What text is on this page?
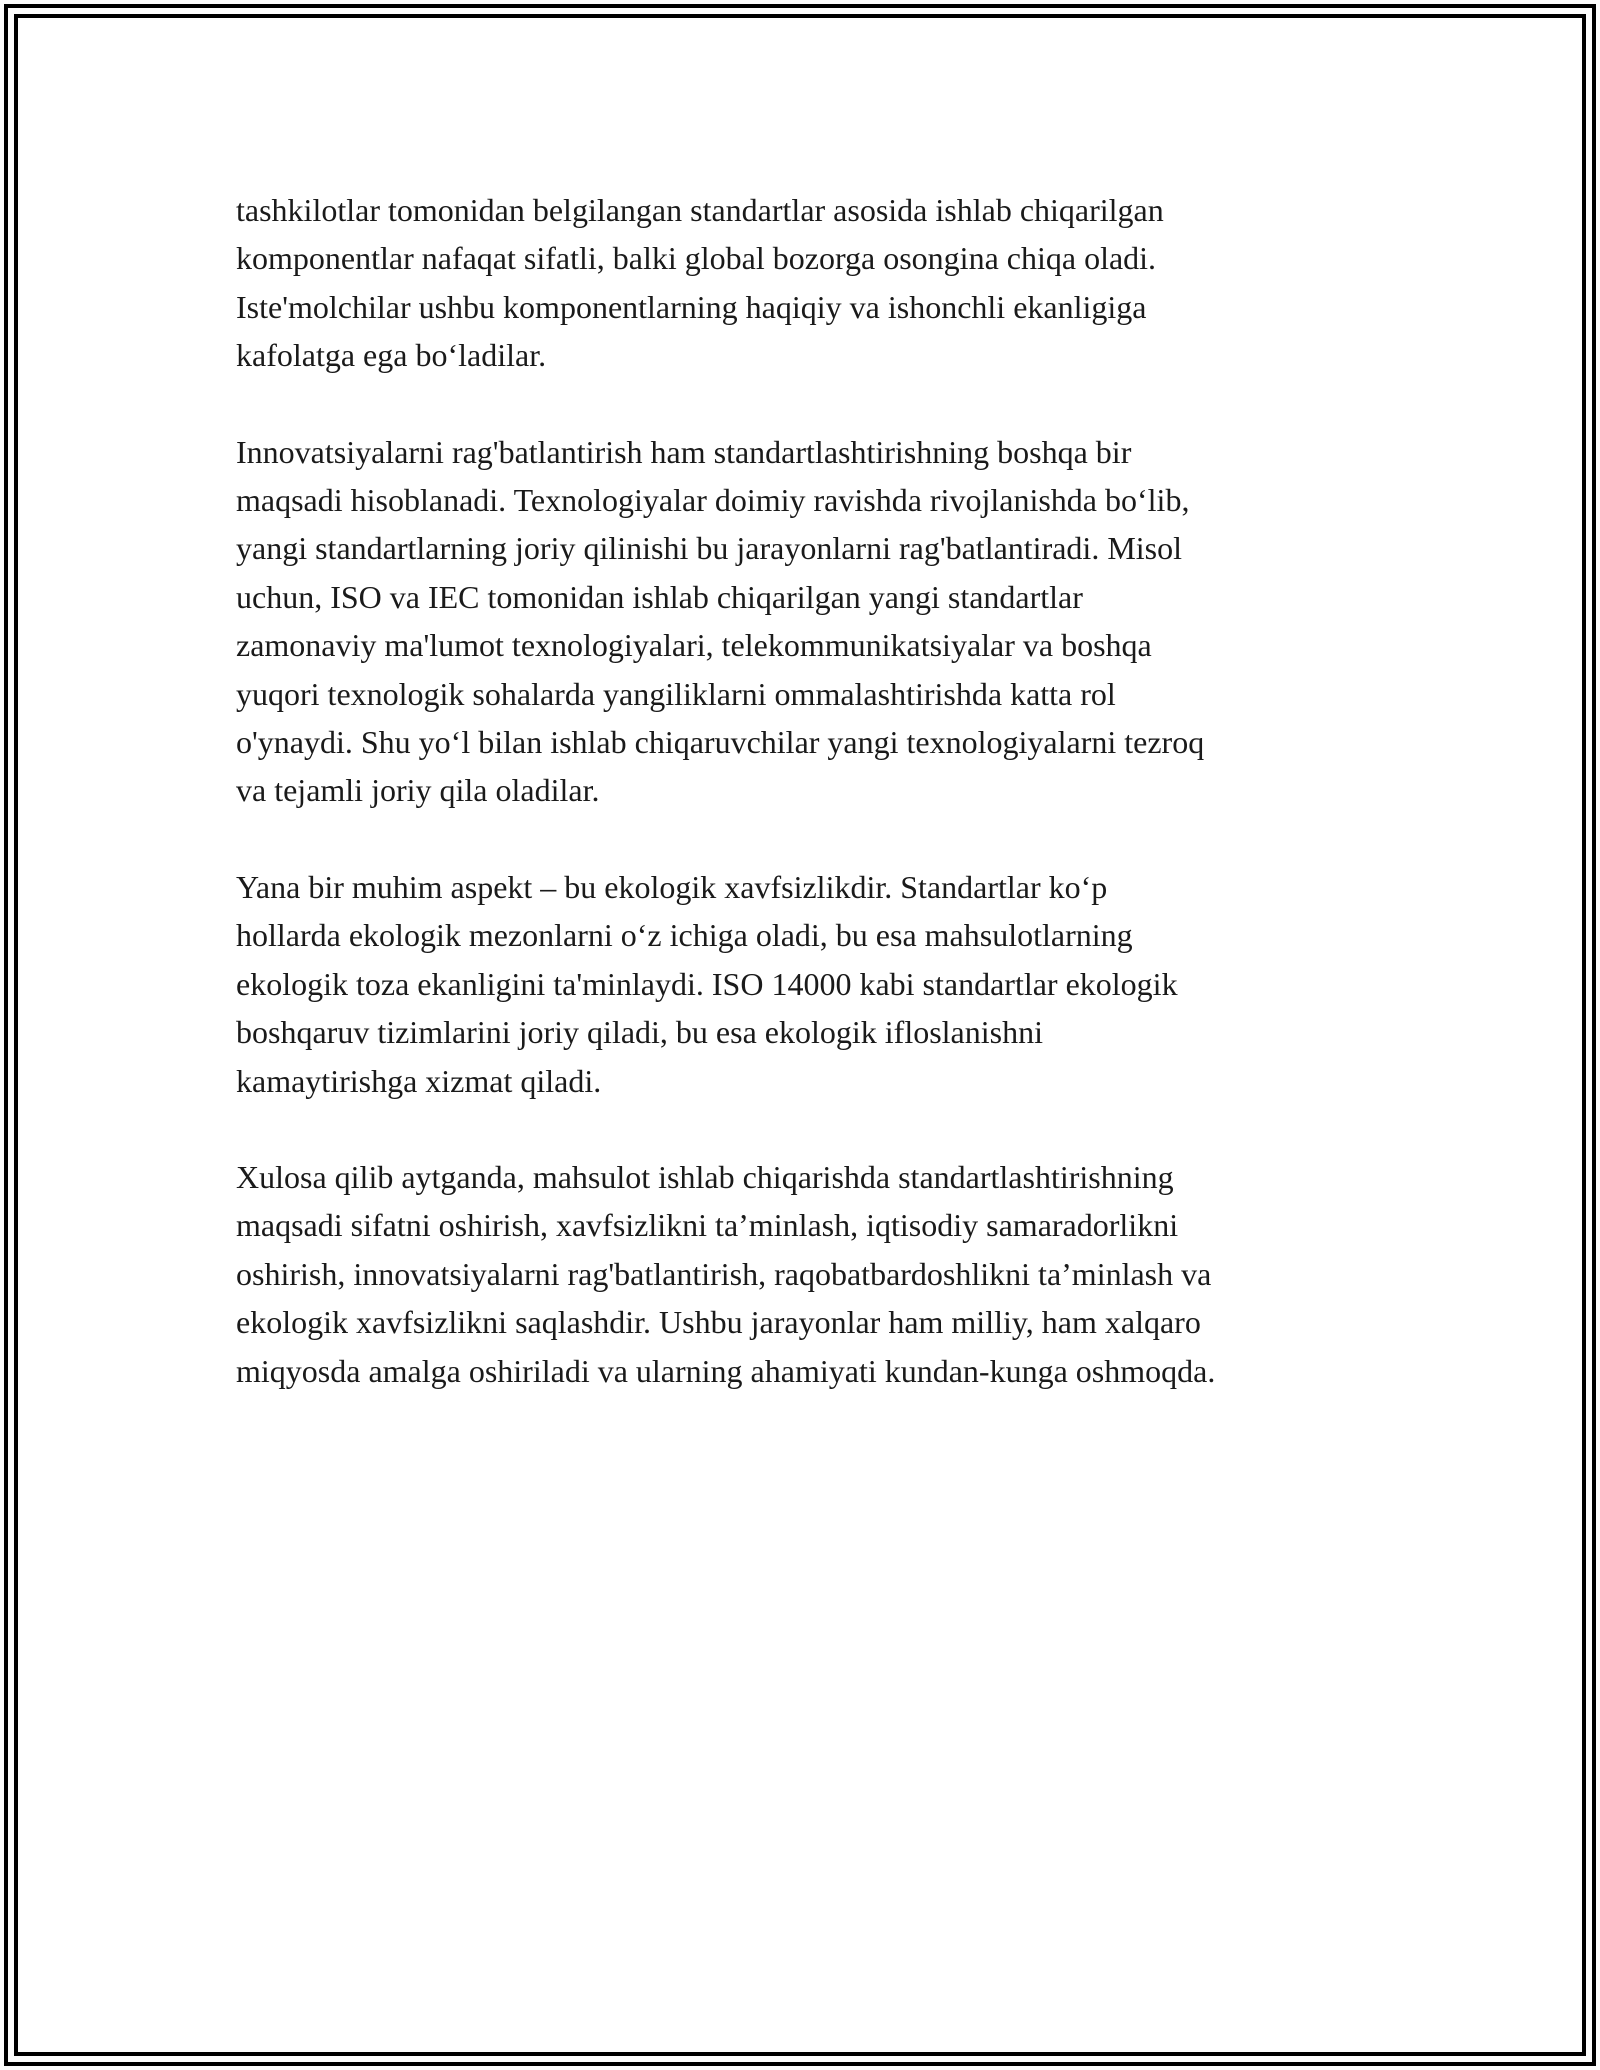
tashkilotlar tomonidan belgilangan standartlar asosida ishlab chiqarilgan
komponentlar nafaqat sifatli, balki global bozorga osongina chiqa oladi.
Iste'molchilar ushbu komponentlarning haqiqiy va ishonchli ekanligiga
kafolatga ega bo‘ladilar.

Innovatsiyalarni rag'batlantirish ham standartlashtirishning boshqa bir
maqsadi hisoblanadi. Texnologiyalar doimiy ravishda rivojlanishda bo‘lib,
yangi standartlarning joriy qilinishi bu jarayonlarni rag'batlantiradi. Misol
uchun, ISO va IEC tomonidan ishlab chiqarilgan yangi standartlar
zamonaviy ma'lumot texnologiyalari, telekommunikatsiyalar va boshqa
yuqori texnologik sohalarda yangiliklarni ommalashtirishda katta rol
o'ynaydi. Shu yo‘l bilan ishlab chiqaruvchilar yangi texnologiyalarni tezroq
va tejamli joriy qila oladilar.

Yana bir muhim aspekt – bu ekologik xavfsizlikdir. Standartlar ko‘p
hollarda ekologik mezonlarni o‘z ichiga oladi, bu esa mahsulotlarning
ekologik toza ekanligini ta'minlaydi. ISO 14000 kabi standartlar ekologik
boshqaruv tizimlarini joriy qiladi, bu esa ekologik ifloslanishni
kamaytirishga xizmat qiladi.

Xulosa qilib aytganda, mahsulot ishlab chiqarishda standartlashtirishning
maqsadi sifatni oshirish, xavfsizlikni ta’minlash, iqtisodiy samaradorlikni
oshirish, innovatsiyalarni rag'batlantirish, raqobatbardoshlikni ta’minlash va
ekologik xavfsizlikni saqlashdir. Ushbu jarayonlar ham milliy, ham xalqaro
miqyosda amalga oshiriladi va ularning ahamiyati kundan-kunga oshmoqda.
